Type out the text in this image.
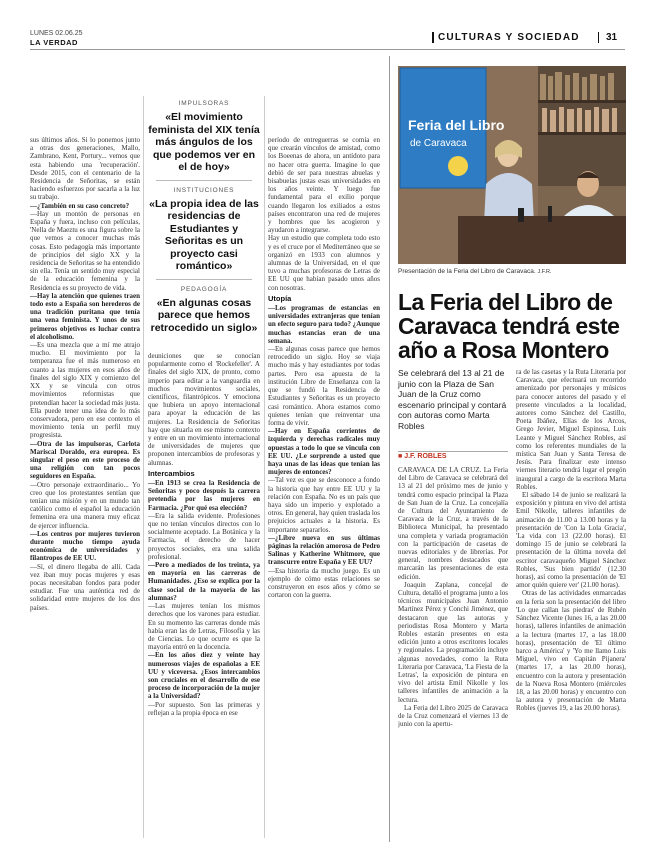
LUNES 02.06.25
LA VERDAD	CULTURAS Y SOCIEDAD	31

sus últimos años. Si lo ponemos junto a otras dos generaciones, Mallo, Zambrano, Kent, Portury... vemos que esta habiendo una 'recuperación'. Desde 2015, con el centenario de la Residencia de Señoritas, se están haciendo esfuerzos por sacarla a la luz su trabajo.

—¿También en su caso concreto?

—Hay un montón de personas en España y fuera, incluso con películas, 'Nella de Maeztu es una figura sobre la que vemos a conocer muchas más cosas. Esto pedagogía más importante de principios del siglo XX y la residencia de Señoritas se ha entendido sin ella. Tenía un sentido muy especial de la educación femenina y la Residencia es su proyecto de vida.

—Hay la atención que quienes traen todo esto a España son herederos de una tradición puritana que tenía una vena feminista. Y unos de sus primeros objetivos es luchar contra el alcoholismo.

—Es una mezcla que a mí me atrajo mucho. El movimiento por la temperanza fue el más numeroso en cuanto a las mujeres en esos años de finales del siglo XIX y comienzo del XX y se vincula con otros movimientos reformistas que pretendían hacer la sociedad más justa. Ella puede tener una idea de lo más conservadora, pero en ese contexto el movimiento tenía un perfil muy progresista.

—Otra de las impulsoras, Carlota Mariscal Doraldo, era europea. Es singular el peso en este proceso de una religión con tan pocos seguidores en España.

—Otro personaje extraordinario... Yo creo que los protestantes sentían que tenían una misión y en un mundo tan católico como el español la educación femenina era una manera muy eficaz de ejercer influencia.

—Los centros por mujeres tuvieron durante mucho tiempo ayuda económica de universidades y filantropos de EE UU.

—Sí, el dinero llegaba de allí. Cada vez iban muy pocas mujeres y esas pocas necesitaban fondos para poder estudiar. Fue una auténtica red de solidaridad entre mujeres de los dos países.

IMPULSORAS
«El movimiento feminista del XIX tenía más ángulos de los que podemos ver en el de hoy»
INSTITUCIONES
«La propia idea de las residencias de Estudiantes y Señoritas es un proyecto casi romántico»
PEDAGOGÍA
«En algunas cosas parece que hemos retrocedido un siglo»

deuniciones que se conocían popularmente como el 'Rockefeller'. A finales del siglo XIX, de pronto, como imperio para editar a la vanguardia en muchos movimientos sociales, científicos, filantrópicos. Y emociona que hubiera un apoyo internacional para apoyar la educación de las mujeres. La Residencia de Señoritas hay que situarla en ese mismo contexto y entre en un movimiento internacional de universidades de mujeres que proponen intercambios de profesoras y alumnas.

Intercambios

—En 1913 se crea la Residencia de Señoritas y poco después la carrera pretendía por las mujeres en Farmacia. ¿Por qué esa elección?

—Era la salida evidente. Profesiones que no tenían vínculos directos con lo socialmente aceptado. La Botánica y la Farmacia, el derecho de hacer proyectos sociales, era una salida profesional.

—Pero a mediados de los treinta, ya en mayoría en las carreras de Humanidades. ¿Eso se explica por la clase social de la mayoría de las alumnas?

—Las mujeres tenían los mismos derechos que los varones para estudiar. En su momento las carreras donde más había eran las de Letras, Filosofía y las de Ciencias. Lo que ocurre es que la mayoría entró en la docencia.

—En los años diez y veinte hay numerosos viajes de españolas a EE UU y viceversa. ¿Esos intercambios son cruciales en el desarrollo de ese proceso de incorporación de la mujer a la Universidad?

—Por supuesto. Son las primeras y reflejan a la propia época en ese

período de entreguerras se comía en que crearán vínculos de amistad, como los Boeenas de ahora, un antídoto para no hacer otra guerra. Imagine lo que debió de ser para nuestras abuelas y bisabuelas justas esas universidades en los años veinte. Y luego fue fundamental para el exilio porque cuando llegaron los exiliados a estos países encontraron una red de mujeres y hombres que les acogieron y ayudaron a integrarse.

Hay un estudio que completa todo esto y es el cruce por el Mediterráneo que se organizó en 1933 con alumnos y alumnas de la Universidad, en el que tuvo a muchas profesoras de Letras de EE UU que habían pasado unos años con nosotras.

Utopía

—Los programas de estancias en universidades extranjeras que tenían un efecto seguro para todo? ¿Aunque muchas estancias eran de una semana.

—En algunas cosas parece que hemos retrocedido un siglo. Hoy se viaja mucho más y hay estudiantes por todas partes. Pero esa apuesta de la institución Libre de Enseñanza con la que se fundó la Residencia de Estudiantes y Señoritas es un proyecto casi romántico. Ahora estamos como quienes tenían que reinventar una forma de vivir.

—Hay en España corrientes de izquierda y derechas radicales muy opuestas a todo lo que se vincula con EE UU. ¿Le sorprende a usted que haya unas de las ideas que tenían las mujeres de entonces?

—Tal vez es que se desconoce a fondo la historia que hay entre EE UU y la relación con España. No es un país que haya sido un imperio y explotado a otros. En general, hay quien traslada los prejuicios actuales a la historia. Es importante separarlos.

—¿Libre nueva en sus últimas páginas la relación amorosa de Pedro Salinas y Katherine Whitmore, que transcurre entre España y EE UU?

—Esa historia da mucho juego. Es un ejemplo de cómo estas relaciones se construyeron en esos años y cómo se cortaron con la guerra.

Feria del Libro
de Caravaca
Presentación de la Feria del Libro de Caravaca. J.F.R.
La Feria del Libro de Caravaca tendrá este año a Rosa Montero
Se celebrará del 13 al 21 de junio con la Plaza de San Juan de la Cruz como escenario principal y contará con autoras como Marta Robles
■ J.F. ROBLES

CARAVACA DE LA CRUZ. La Feria del Libro de Caravaca se celebrará del 13 al 21 del próximo mes de junio y tendrá como espacio principal la Plaza de San Juan de la Cruz. La concejalía de Cultura del Ayuntamiento de Caravaca de la Cruz, a través de la Biblioteca Municipal, ha presentado una completa y variada programación con la participación de casetas de nuevas editoriales y de librerías. Por general, nombres destacados que marcarán las presentaciones de esta edición.

Joaquín Zaplana, concejal de Cultura, detalló el programa junto a los técnicos municipales Juan Antonio Martínez Pérez y Conchi Jiménez, que destacaron que las autoras y periodistas Rosa Montero y Marta Robles estarán presentes en esta edición junto a otros escritores locales y regionales. La programación incluye algunas novedades, como la Ruta Literaria por Caravaca, 'La Fiesta de la Letras', la exposición de pintura en vivo del artista Emil Nikolle y los talleres infantiles de animación a la lectura.

La Feria del Libro 2025 de Caravaca de la Cruz comenzará el viernes 13 de junio con la apertu-

ra de las casetas y la Ruta Literaria por Caravaca, que efectuará un recorrido amenizado por personajes y músicos para conocer autores del pasado y el presente vinculados a la localidad, autores como Sánchez del Castillo, Poeta Ibáñez, Elías de los Arcos, Grego Jevier, Miguel Espinosa, Luis Leante y Miguel Sánchez Robles, así como los referentes mundiales de la mística San Juan y Santa Teresa de Jesús. Para finalizar este intenso viernes literario tendrá lugar el pregón inaugural a cargo de la escritora Marta Robles.

El sábado 14 de junio se realizará la exposición y pintura en vivo del artista Emil Nikolle, talleres infantiles de animación de 11.00 a 13.00 horas y la presentación de 'Con la Lola Gracia', 'La vida con 13 (22.00 horas). El domingo 15 de junio se celebrará la presentación de la última novela del escritor caravaqueño Miguel Sánchez Robles, 'Sus bien partido' (12.30 horas), así como la presentación de 'El amor quién quiere ver' (21.00 horas).

Otras de las actividades enmarcadas en la feria son la presentación del libro 'Lo que callan las piedras' de Rubén Sánchez Vicente (lunes 16, a las 20.00 horas), talleres infantiles de animación a la lectura (martes 17, a las 18.00 horas), presentación de 'El último barco a América' y 'Yo me llamo Luis Miguel, vivo en Capitán Pijanera' (martes 17, a las 20.00 horas), encuentro con la autora y presentación de la Nueva Rosa Montero (miércoles 18, a las 20.00 horas) y encuentro con la autora y presentación de Marta Robles (jueves 19, a las 20.00 horas).
